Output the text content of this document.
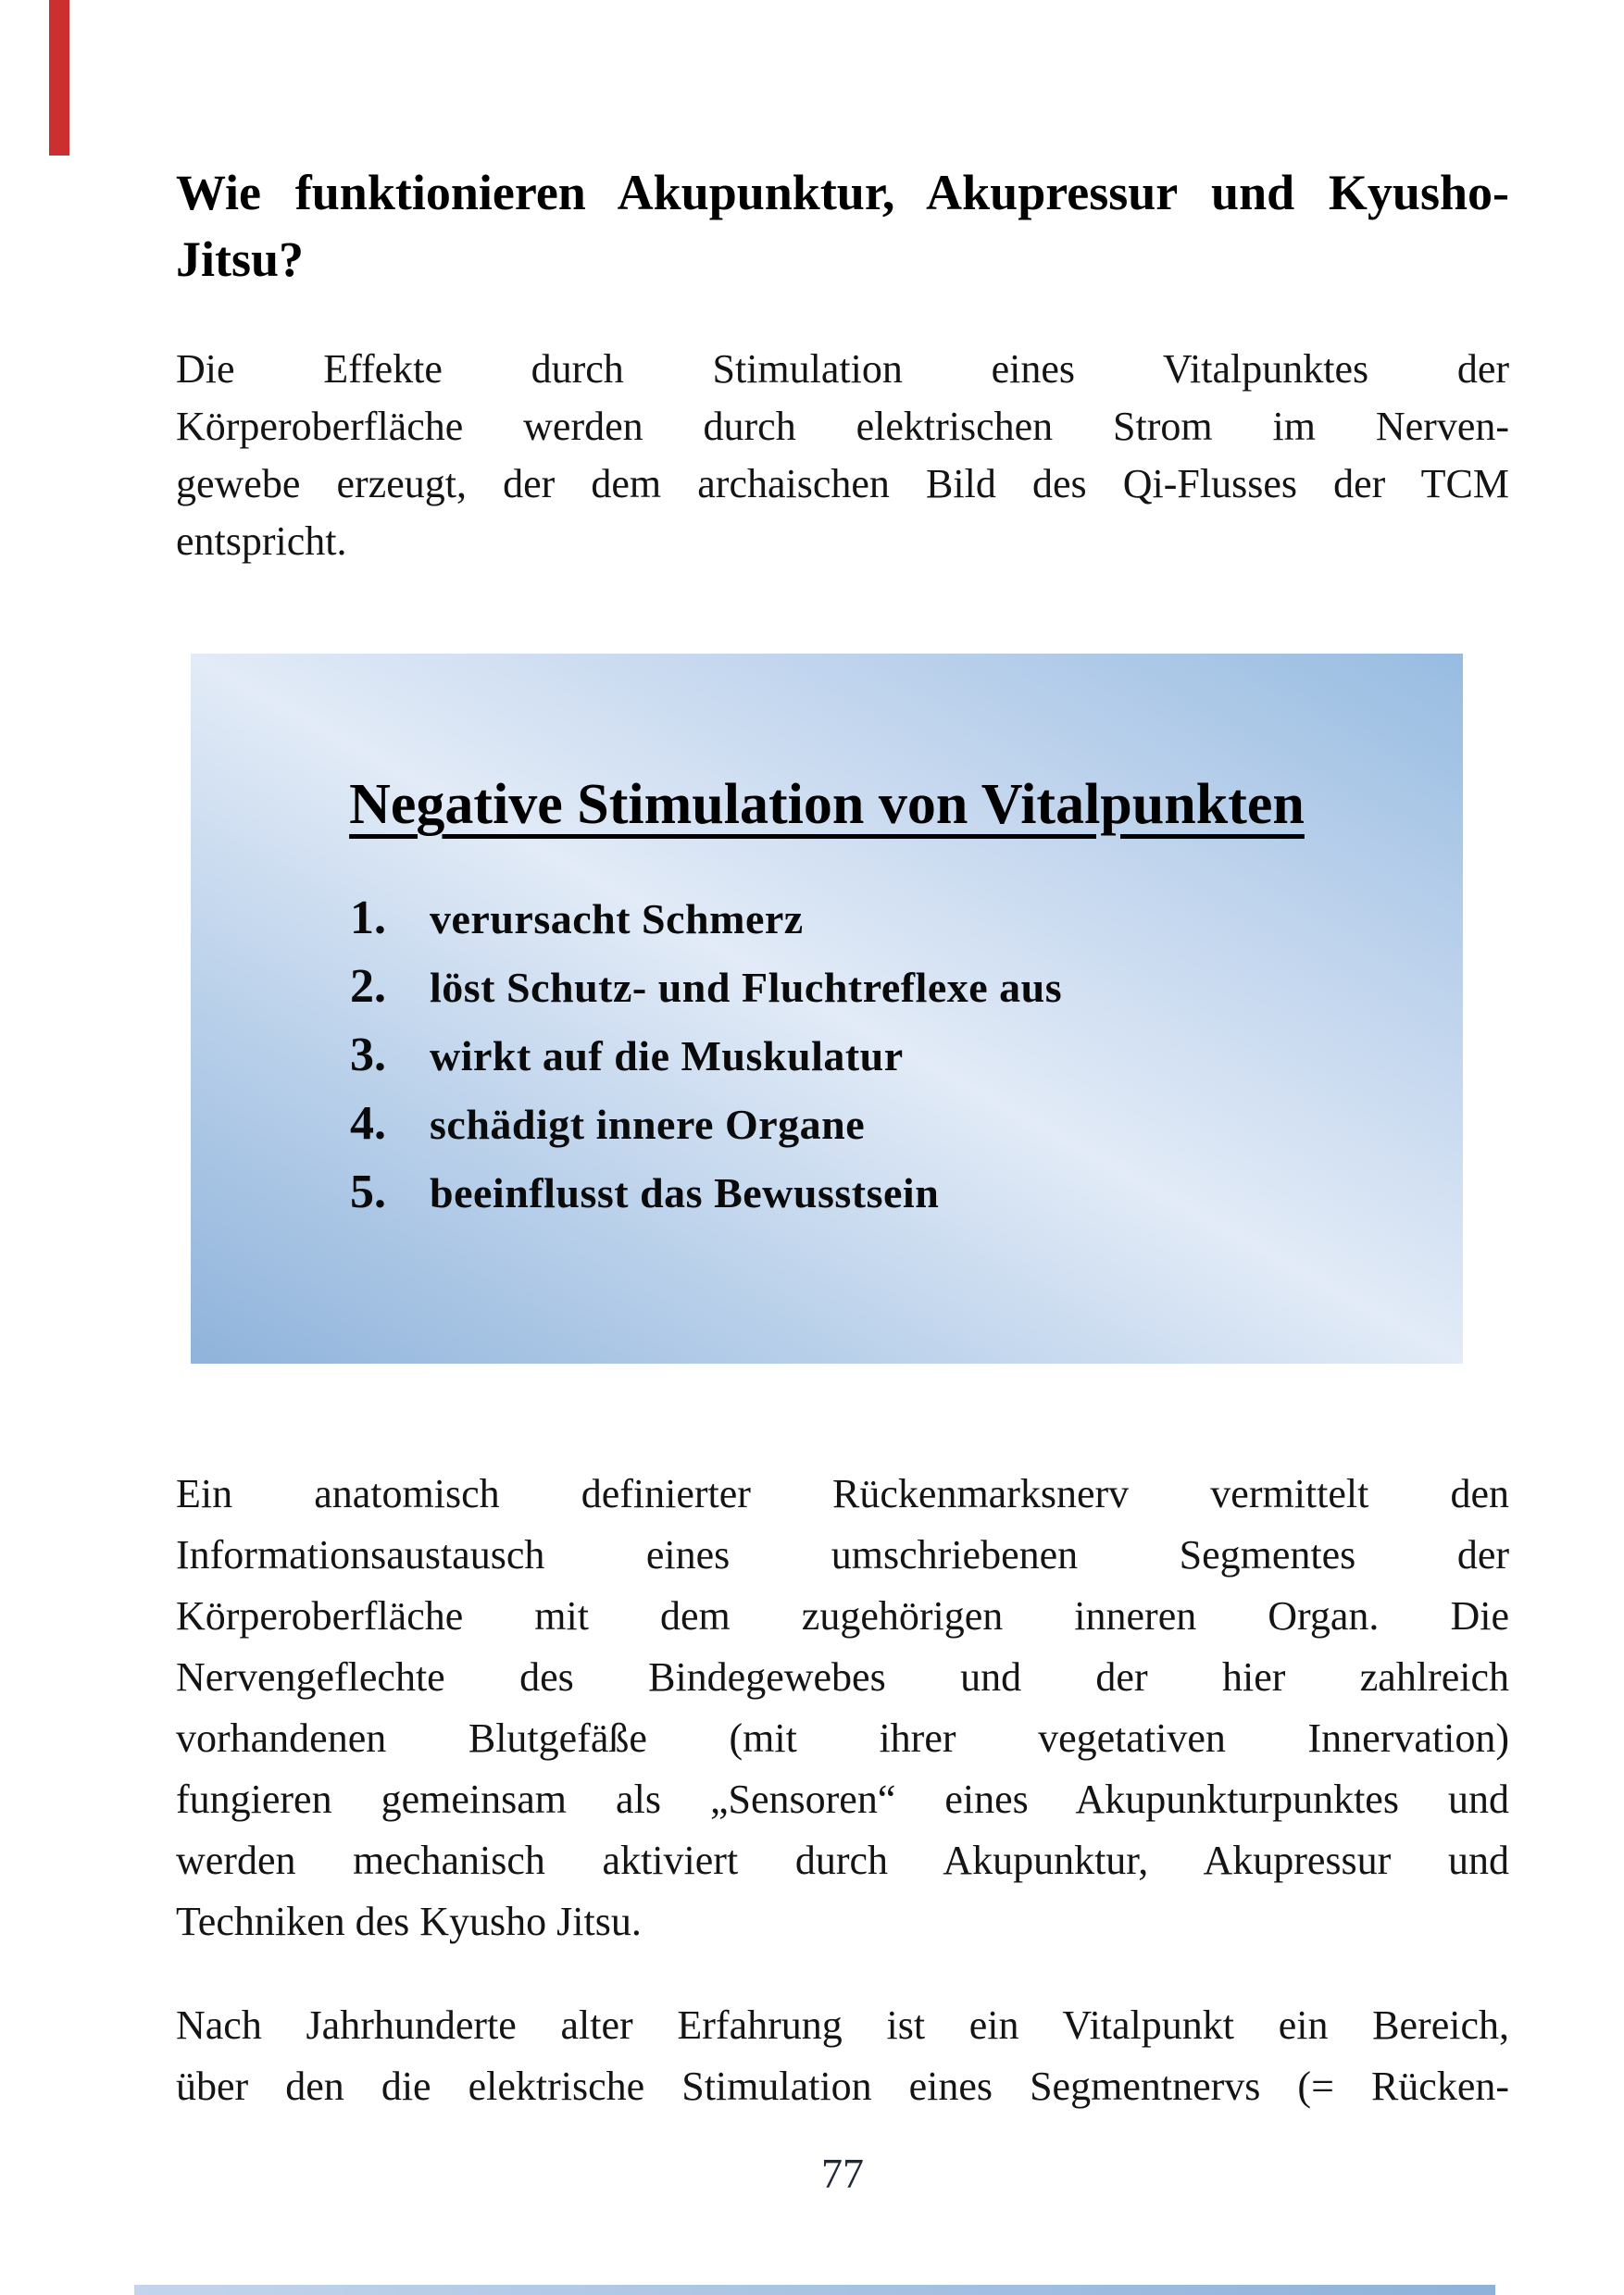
Wie funktionieren Akupunktur, Akupressur und Kyusho-
Jitsu?
Die Effekte durch Stimulation eines Vitalpunktes der
Körperoberfläche werden durch elektrischen Strom im Nerven-
gewebe erzeugt, der dem archaischen Bild des Qi-Flusses der TCM
entspricht.
Negative Stimulation von Vitalpunkten
1.	verursacht Schmerz
2.	löst Schutz- und Fluchtreflexe aus
3.	wirkt auf die Muskulatur
4.	schädigt innere Organe
5.	beeinflusst das Bewusstsein
Ein anatomisch definierter Rückenmarksnerv vermittelt den
Informationsaustausch eines umschriebenen Segmentes der
Körperoberfläche mit dem zugehörigen inneren Organ. Die
Nervengeflechte des Bindegewebes und der hier zahlreich
vorhandenen Blutgefäße (mit ihrer vegetativen Innervation)
fungieren gemeinsam als „Sensoren“ eines Akupunkturpunktes und
werden mechanisch aktiviert durch Akupunktur, Akupressur und
Techniken des Kyusho Jitsu.
Nach Jahrhunderte alter Erfahrung ist ein Vitalpunkt ein Bereich,
über den die elektrische Stimulation eines Segmentnervs (= Rücken-
77
